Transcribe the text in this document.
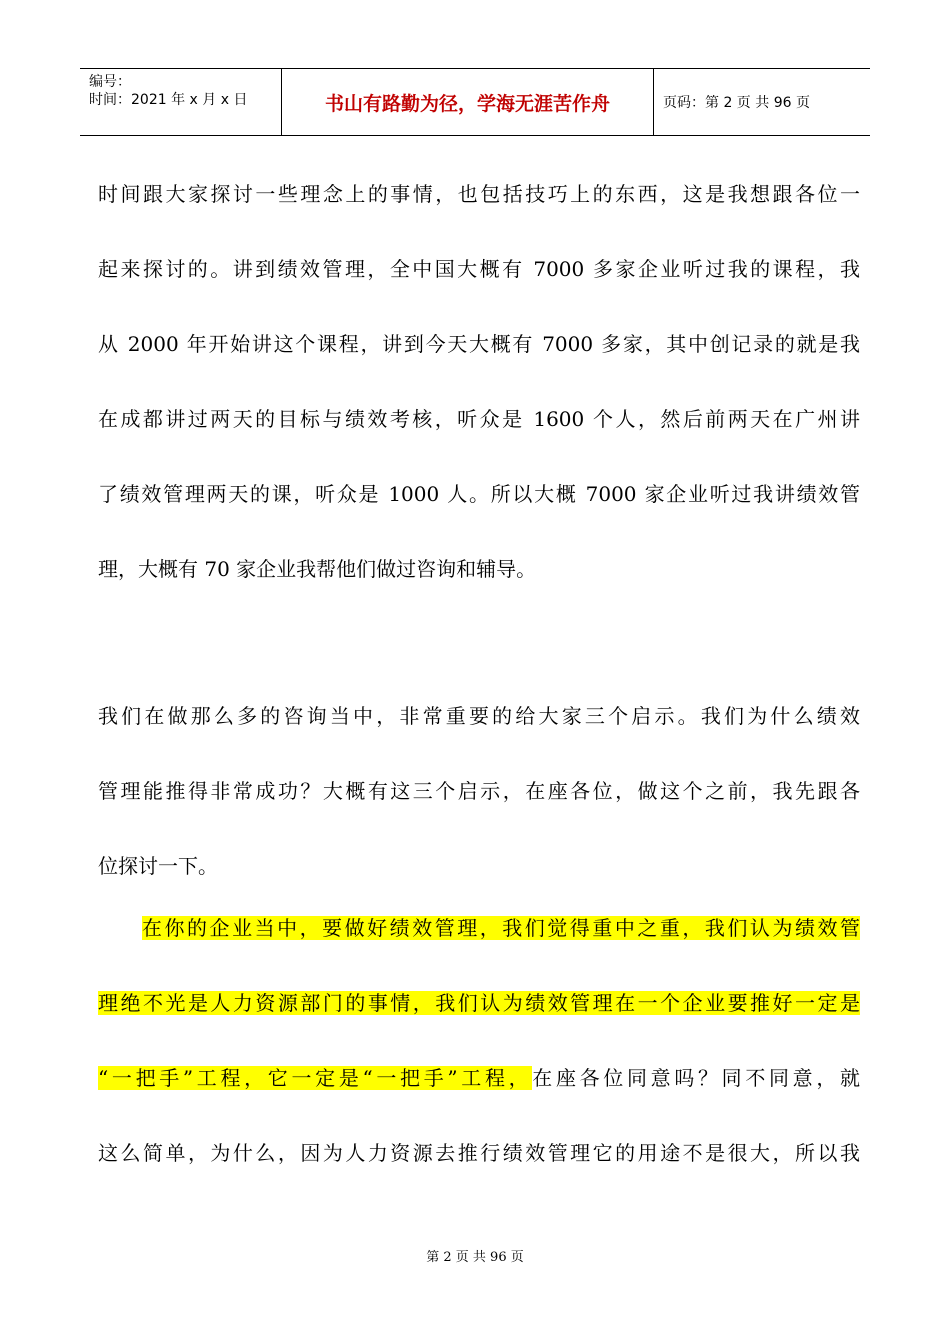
编号：
时间：2021 年 x 月 x 日	书山有路勤为径，学海无涯苦作舟	页码：第 2 页 共 96 页
时间跟大家探讨一些理念上的事情，也包括技巧上的东西，这是我想跟各位一
起来探讨的。讲到绩效管理，全中国大概有 7000 多家企业听过我的课程，我
从 2000 年开始讲这个课程，讲到今天大概有 7000 多家，其中创记录的就是我
在成都讲过两天的目标与绩效考核，听众是 1600 个人，然后前两天在广州讲
了绩效管理两天的课，听众是 1000 人。所以大概 7000 家企业听过我讲绩效管
理，大概有 70 家企业我帮他们做过咨询和辅导。
我们在做那么多的咨询当中，非常重要的给大家三个启示。我们为什么绩效
管理能推得非常成功？大概有这三个启示，在座各位，做这个之前，我先跟各
位探讨一下。
在你的企业当中，要做好绩效管理，我们觉得重中之重，我们认为绩效管
理绝不光是人力资源部门的事情，我们认为绩效管理在一个企业要推好一定是
“一把手”工程，它一定是“一把手”工程，在座各位同意吗？同不同意，就
这么简单，为什么，因为人力资源去推行绩效管理它的用途不是很大，所以我
第 2 页 共 96 页
